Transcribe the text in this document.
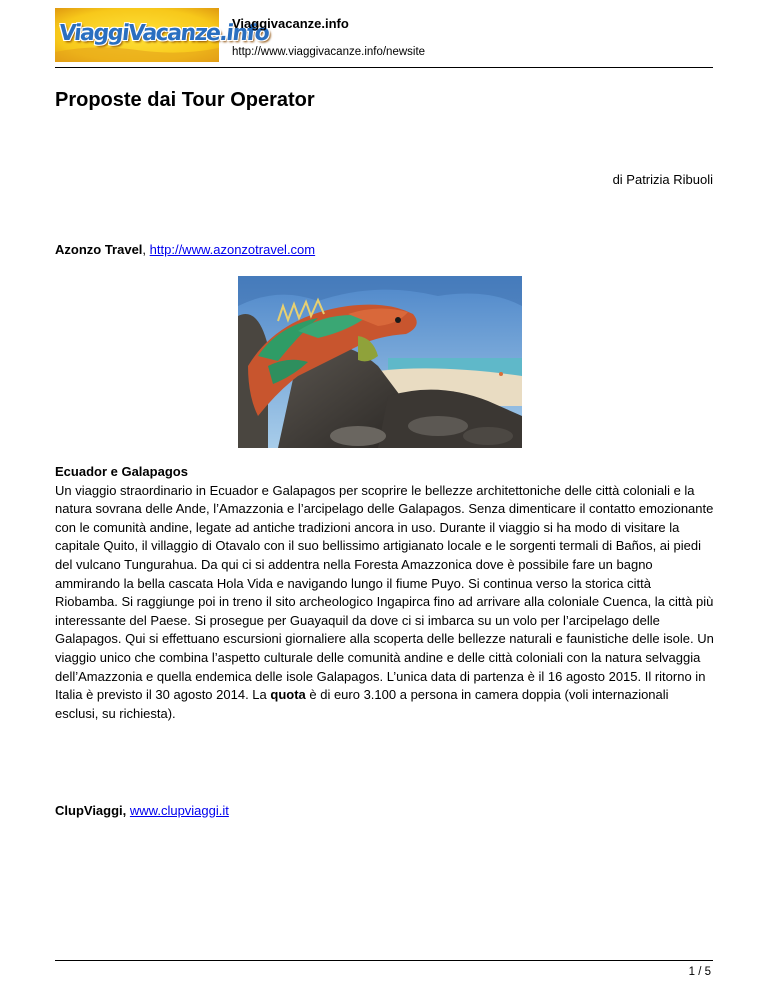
ViaggiVacanze.info
Viaggivacanze.info
http://www.viaggivacanze.info/newsite
Proposte dai Tour Operator
di Patrizia Ribuoli
Azonzo Travel, http://www.azonzotravel.com
Ecuador e Galapagos
Un viaggio straordinario in Ecuador e Galapagos per scoprire le bellezze architettoniche delle città coloniali e la natura sovrana delle Ande, l’Amazzonia e l’arcipelago delle Galapagos. Senza dimenticare il contatto emozionante con le comunità andine, legate ad antiche tradizioni ancora in uso. Durante il viaggio si ha modo di visitare la capitale Quito, il villaggio di Otavalo con il suo bellissimo artigianato locale e le sorgenti termali di Baños, ai piedi del vulcano Tungurahua. Da qui ci si addentra nella Foresta Amazzonica dove è possibile fare un bagno ammirando la bella cascata Hola Vida e navigando lungo il fiume Puyo. Si continua verso la storica città Riobamba. Si raggiunge poi in treno il sito archeologico Ingapirca fino ad arrivare alla coloniale Cuenca, la città più interessante del Paese. Si prosegue per Guayaquil da dove ci si imbarca su un volo per l’arcipelago delle Galapagos. Qui si effettuano escursioni giornaliere alla scoperta delle bellezze naturali e faunistiche delle isole. Un viaggio unico che combina l’aspetto culturale delle comunità andine e delle città coloniali con la natura selvaggia dell’Amazzonia e quella endemica delle isole Galapagos. L’unica data di partenza è il 16 agosto 2015. Il ritorno in Italia è previsto il 30 agosto 2014. La quota è di euro 3.100 a persona in camera doppia (voli internazionali esclusi, su richiesta).
ClupViaggi, www.clupviaggi.it
1 / 5
